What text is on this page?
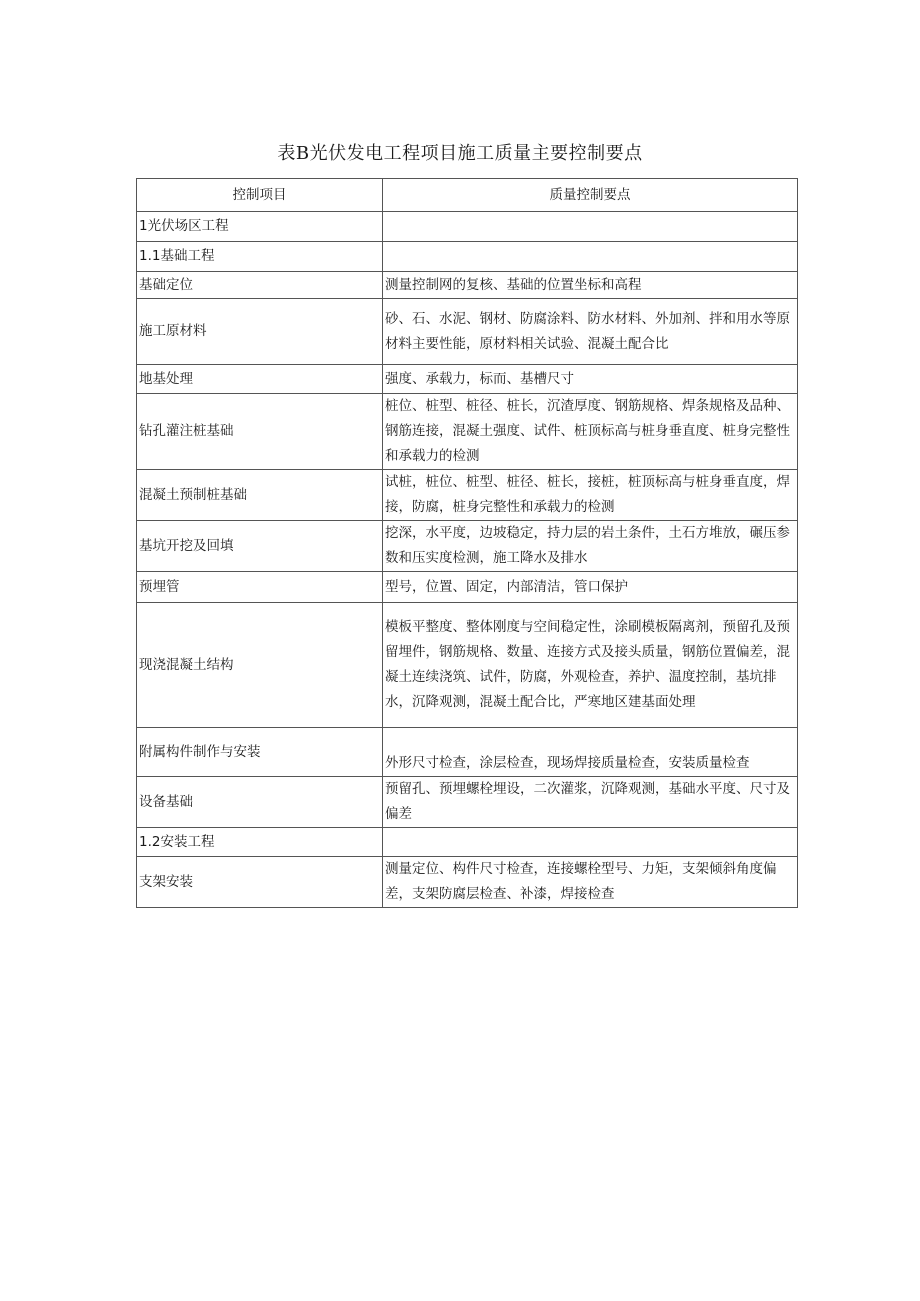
表B光伏发电工程项目施工质量主要控制要点
控制项目	质量控制要点
1光伏场区工程	
1.1基础工程	
基础定位	测量控制网的复核、基础的位置坐标和高程
施工原材料	砂、石、水泥、钢材、防腐涂料、防水材料、外加剂、拌和用水等原材料主要性能，原材料相关试验、混凝土配合比
地基处理	强度、承载力，标而、基槽尺寸
钻孔灌注桩基础	桩位、桩型、桩径、桩长，沉渣厚度、钢筋规格、焊条规格及品种、钢筋连接，混凝土强度、试件、桩顶标高与桩身垂直度、桩身完整性和承载力的检测
混凝土预制桩基础	试桩，桩位、桩型、桩径、桩长，接桩，桩顶标高与桩身垂直度，焊接，防腐，桩身完整性和承载力的检测
基坑开挖及回填	挖深，水平度，边坡稳定，持力层的岩土条件，土石方堆放，碾压参数和压实度检测，施工降水及排水
预埋管	型号，位置、固定，内部清洁，管口保护
现浇混凝土结构	模板平整度、整体刚度与空间稳定性，涂刷模板隔离剂，预留孔及预留埋件，钢筋规格、数量、连接方式及接头质量，钢筋位置偏差，混凝土连续浇筑、试件，防腐，外观检查，养护、温度控制，基坑排水，沉降观测，混凝土配合比，严寒地区建基面处理
附属构件制作与安装	外形尺寸检查，涂层检查，现场焊接质量检查，安装质量检查
设备基础	预留孔、预埋螺栓埋设，二次灌浆，沉降观测，基础水平度、尺寸及偏差
1.2安装工程	
支架安装	测量定位、构件尺寸检查，连接螺栓型号、力矩，支架倾斜角度偏差，支架防腐层检查、补漆，焊接检查
